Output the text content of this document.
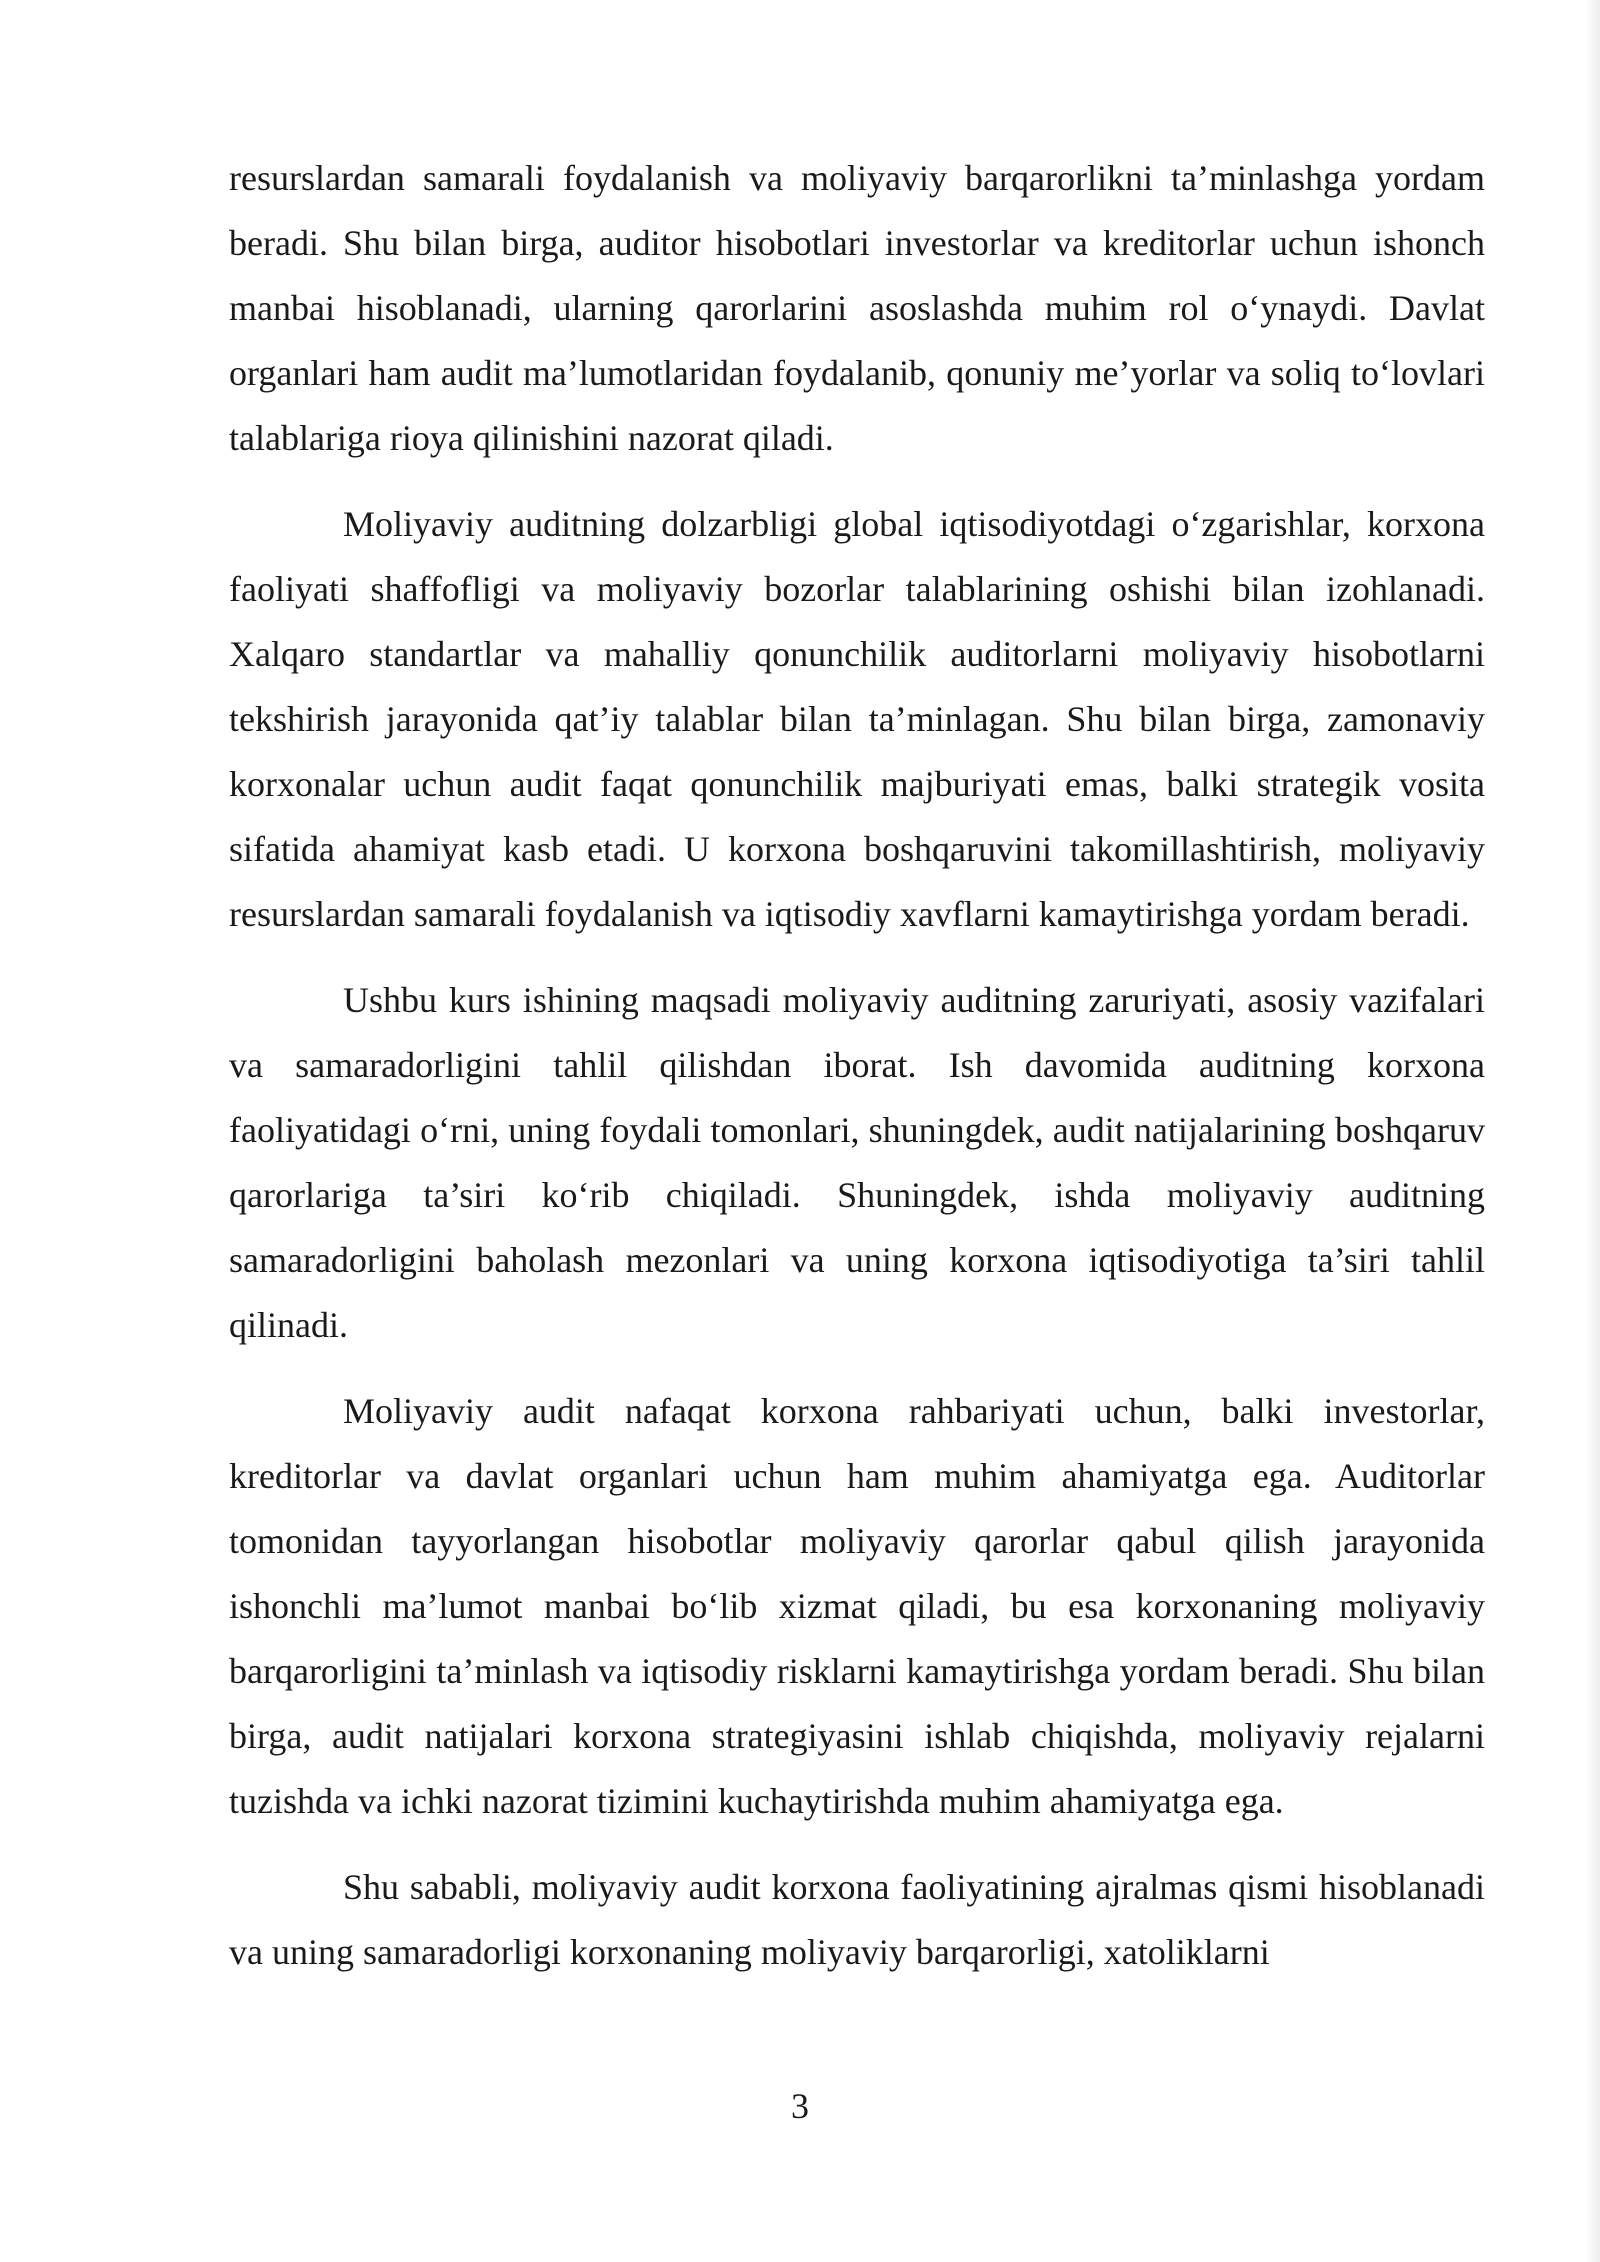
resurslardan samarali foydalanish va moliyaviy barqarorlikni ta’minlashga yordam beradi. Shu bilan birga, auditor hisobotlari investorlar va kreditorlar uchun ishonch manbai hisoblanadi, ularning qarorlarini asoslashda muhim rol o‘ynaydi. Davlat organlari ham audit ma’lumotlaridan foydalanib, qonuniy me’yorlar va soliq to‘lovlari talablariga rioya qilinishini nazorat qiladi.

Moliyaviy auditning dolzarbligi global iqtisodiyotdagi o‘zgarishlar, korxona faoliyati shaffofligi va moliyaviy bozorlar talablarining oshishi bilan izohlanadi. Xalqaro standartlar va mahalliy qonunchilik auditorlarni moliyaviy hisobotlarni tekshirish jarayonida qat’iy talablar bilan ta’minlagan. Shu bilan birga, zamonaviy korxonalar uchun audit faqat qonunchilik majburiyati emas, balki strategik vosita sifatida ahamiyat kasb etadi. U korxona boshqaruvini takomillashtirish, moliyaviy resurslardan samarali foydalanish va iqtisodiy xavflarni kamaytirishga yordam beradi.

Ushbu kurs ishining maqsadi moliyaviy auditning zaruriyati, asosiy vazifalari va samaradorligini tahlil qilishdan iborat. Ish davomida auditning korxona faoliyatidagi o‘rni, uning foydali tomonlari, shuningdek, audit natijalarining boshqaruv qarorlariga ta’siri ko‘rib chiqiladi. Shuningdek, ishda moliyaviy auditning samaradorligini baholash mezonlari va uning korxona iqtisodiyotiga ta’siri tahlil qilinadi.

Moliyaviy audit nafaqat korxona rahbariyati uchun, balki investorlar, kreditorlar va davlat organlari uchun ham muhim ahamiyatga ega. Auditorlar tomonidan tayyorlangan hisobotlar moliyaviy qarorlar qabul qilish jarayonida ishonchli ma’lumot manbai bo‘lib xizmat qiladi, bu esa korxonaning moliyaviy barqarorligini ta’minlash va iqtisodiy risklarni kamaytirishga yordam beradi. Shu bilan birga, audit natijalari korxona strategiyasini ishlab chiqishda, moliyaviy rejalarni tuzishda va ichki nazorat tizimini kuchaytirishda muhim ahamiyatga ega.

Shu sababli, moliyaviy audit korxona faoliyatining ajralmas qismi hisoblanadi va uning samaradorligi korxonaning moliyaviy barqarorligi, xatoliklarni

3
